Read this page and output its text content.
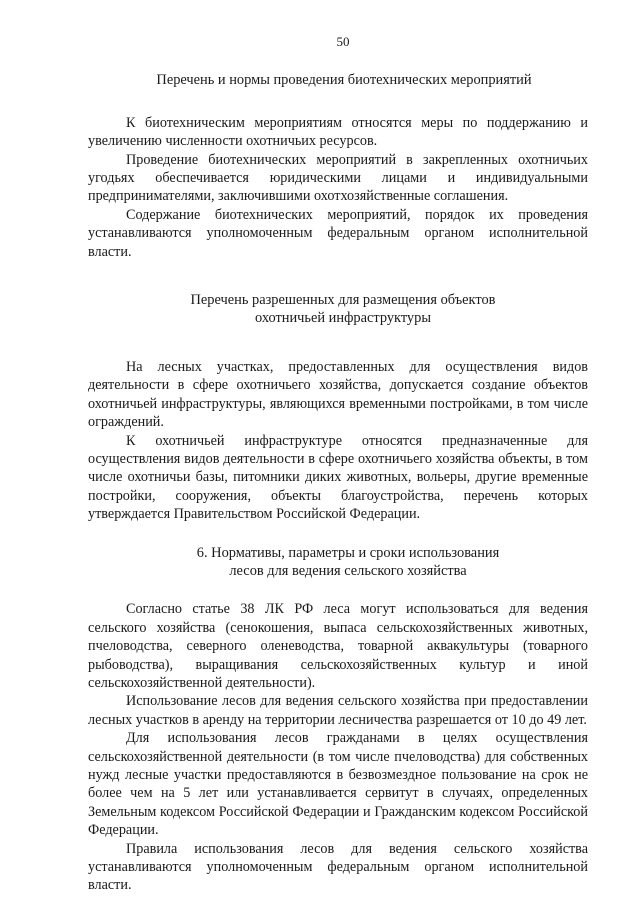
50
Перечень и нормы проведения биотехнических мероприятий

К биотехническим мероприятиям относятся меры по поддержанию и увеличению численности охотничьих ресурсов.

Проведение биотехнических мероприятий в закрепленных охотничьих угодьях обеспечивается юридическими лицами и индивидуальными предпринимателями, заключившими охотхозяйственные соглашения.

Содержание биотехнических мероприятий, порядок их проведения устанавливаются уполномоченным федеральным органом исполнительной власти.

Перечень разрешенных для размещения объектов
охотничьей инфраструктуры

На лесных участках, предоставленных для осуществления видов деятельности в сфере охотничьего хозяйства, допускается создание объектов охотничьей инфраструктуры, являющихся временными постройками, в том числе ограждений.

К охотничьей инфраструктуре относятся предназначенные для осуществления видов деятельности в сфере охотничьего хозяйства объекты, в том числе охотничьи базы, питомники диких животных, вольеры, другие временные постройки, сооружения, объекты благоустройства, перечень которых утверждается Правительством Российской Федерации.

6. Нормативы, параметры и сроки использования
лесов для ведения сельского хозяйства

Согласно статье 38 ЛК РФ леса могут использоваться для ведения сельского хозяйства (сенокошения, выпаса сельскохозяйственных животных, пчеловодства, северного оленеводства, товарной аквакультуры (товарного рыбоводства), выращивания сельскохозяйственных культур и иной сельскохозяйственной деятельности).

Использование лесов для ведения сельского хозяйства при предоставлении лесных участков в аренду на территории лесничества разрешается от 10 до 49 лет.

Для использования лесов гражданами в целях осуществления сельскохозяйственной деятельности (в том числе пчеловодства) для собственных нужд лесные участки предоставляются в безвозмездное пользование на срок не более чем на 5 лет или устанавливается сервитут в случаях, определенных Земельным кодексом Российской Федерации и Гражданским кодексом Российской Федерации.

Правила использования лесов для ведения сельского хозяйства устанавливаются уполномоченным федеральным органом исполнительной власти.
